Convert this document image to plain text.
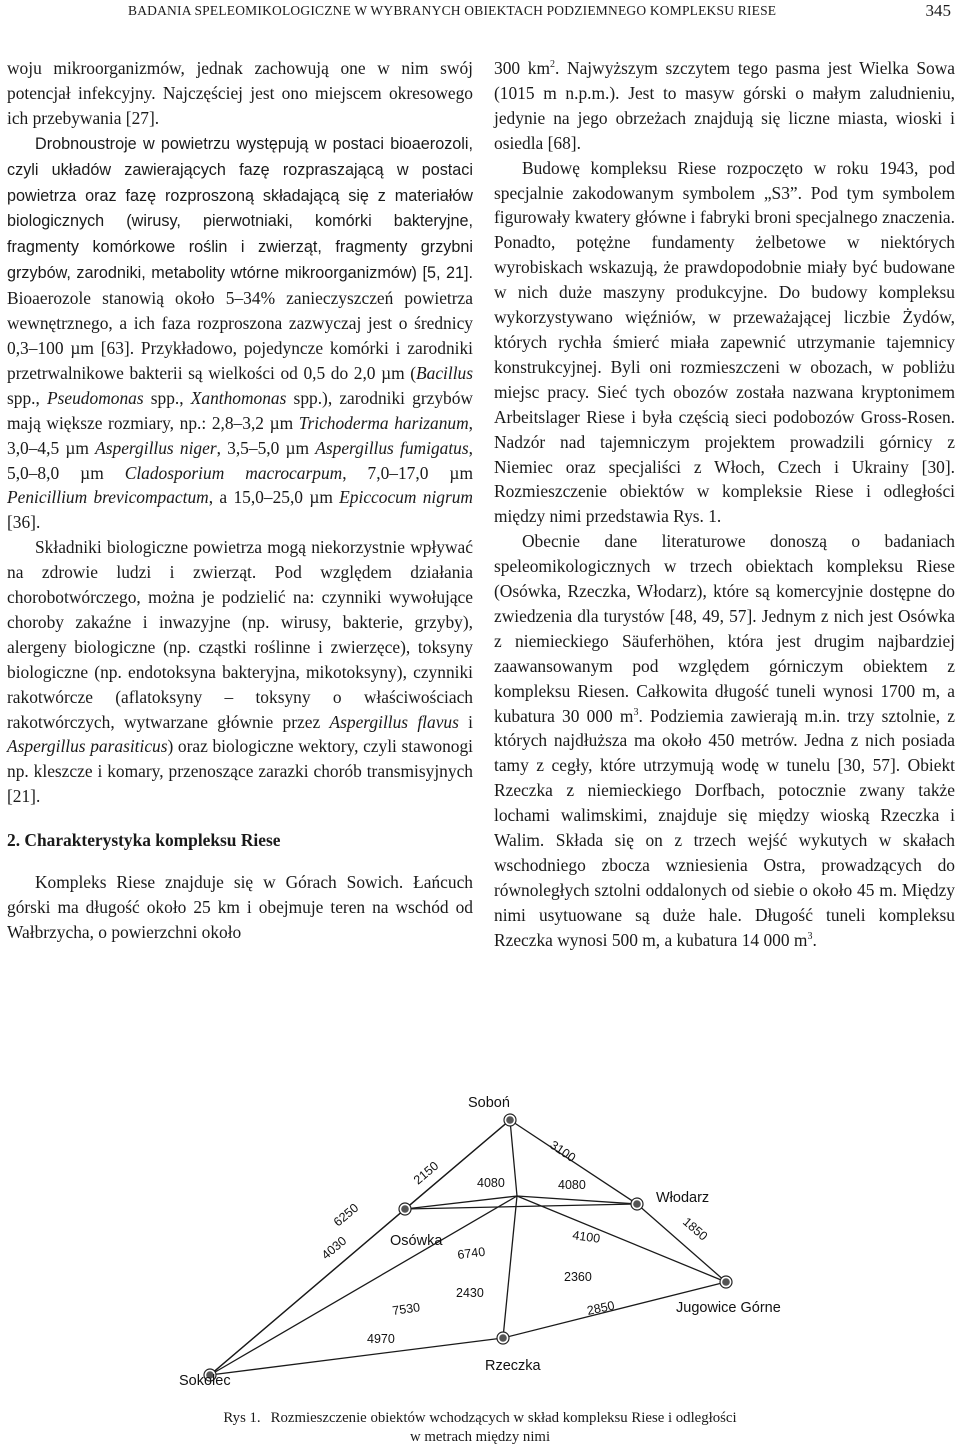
BADANIA SPELEOMIKOLOGICZNE W WYBRANYCH OBIEKTACH PODZIEMNEGO KOMPLEKSU RIESE	345

woju mikroorganizmów, jednak zachowują one w nim swój potencjał infekcyjny. Najczęściej jest ono miejscem okresowego ich przebywania [27].

Drobnoustroje w powietrzu występują w postaci bioaerozoli, czyli układów zawierających fazę rozpraszającą w postaci powietrza oraz fazę rozproszoną składającą się z materiałów biologicznych (wirusy, pierwotniaki, komórki bakteryjne, fragmenty komórkowe roślin i zwierząt, fragmenty grzybni grzybów, zarodniki, metabolity wtórne mikroorganizmów) [5, 21]. Bioaerozole stanowią około 5–34% zanieczyszczeń powietrza wewnętrznego, a ich faza rozproszona zazwyczaj jest o średnicy 0,3–100 µm [63]. Przykładowo, pojedyncze komórki i zarodniki przetrwalnikowe bakterii są wielkości od 0,5 do 2,0 µm (Bacillus spp., Pseudomonas spp., Xanthomonas spp.), zarodniki grzybów mają większe rozmiary, np.: 2,8–3,2 µm Trichoderma harizanum, 3,0–4,5 µm Aspergillus niger, 3,5–5,0 µm Aspergillus fumigatus, 5,0–8,0 µm Cladosporium macrocarpum, 7,0–17,0 µm Penicillium brevicompactum, a 15,0–25,0 µm Epiccocum nigrum [36].

Składniki biologiczne powietrza mogą niekorzystnie wpływać na zdrowie ludzi i zwierząt. Pod względem działania chorobotwórczego, można je podzielić na: czynniki wywołujące choroby zakaźne i inwazyjne (np. wirusy, bakterie, grzyby), alergeny biologiczne (np. cząstki roślinne i zwierzęce), toksyny biologiczne (np. endotoksyna bakteryjna, mikotoksyny), czynniki rakotwórcze (aflatoksyny – toksyny o właściwościach rakotwórczych, wytwarzane głównie przez Aspergillus flavus i Aspergillus parasiticus) oraz biologiczne wektory, czyli stawonogi np. kleszcze i komary, przenoszące zarazki chorób transmisyjnych [21].

2. Charakterystyka kompleksu Riese

Kompleks Riese znajduje się w Górach Sowich. Łańcuch górski ma długość około 25 km i obejmuje teren na wschód od Wałbrzycha, o powierzchni około

300 $km^2$. Najwyższym szczytem tego pasma jest Wielka Sowa (1015 m n.p.m.). Jest to masyw górski o małym zaludnieniu, jedynie na jego obrzeżach znajdują się liczne miasta, wioski i osiedla [68].

Budowę kompleksu Riese rozpoczęto w roku 1943, pod specjalnie zakodowanym symbolem „S3”. Pod tym symbolem figurowały kwatery główne i fabryki broni specjalnego znaczenia. Ponadto, potężne fundamenty żelbetowe w niektórych wyrobiskach wskazują, że prawdopodobnie miały być budowane w nich duże maszyny produkcyjne. Do budowy kompleksu wykorzystywano więźniów, w przeważającej liczbie Żydów, których rychła śmierć miała zapewnić utrzymanie tajemnicy konstrukcyjnej. Byli oni rozmieszczeni w obozach, w pobliżu miejsc pracy. Sieć tych obozów została nazwana kryptonimem Arbeitslager Riese i była częścią sieci podobozów Gross-Rosen. Nadzór nad tajemniczym projektem prowadzili górnicy z Niemiec oraz specjaliści z Włoch, Czech i Ukrainy [30]. Rozmieszczenie obiektów w kompleksie Riese i odległości między nimi przedstawia Rys. 1.

Obecnie dane literaturowe donoszą o badaniach speleomikologicznych w trzech obiektach kompleksu Riese (Osówka, Rzeczka, Włodarz), które są komercyjnie dostępne do zwiedzenia dla turystów [48, 49, 57]. Jednym z nich jest Osówka z niemieckiego Säuferhöhen, która jest drugim najbardziej zaawansowanym pod względem górniczym obiektem z kompleksu Riesen. Całkowita długość tuneli wynosi 1700 m, a kubatura 30 000 $m^3$. Podziemia zawierają m.in. trzy sztolnie, z których najdłuższa ma około 450 metrów. Jedna z nich posiada tamy z cegły, które utrzymują wodę w tunelu [30, 57]. Obiekt Rzeczka z niemieckiego Dorfbach, potocznie zwany także lochami walimskimi, znajduje się między wioską Rzeczka i Walim. Składa się on z trzech wejść wykutych w skałach wschodniego zbocza wzniesienia Ostra, prowadzących do równoległych sztolni oddalonych od siebie o około 45 m. Między nimi usytuowane są duże hale. Długość tuneli kompleksu Rzeczka wynosi 500 m, a kubatura 14 000 $m^3$.

Soboń
Włodarz
Osówka
Jugowice Górne
Rzeczka
Sokolec
6250
4030
2150
3100
4080	4080
1850
4100
6740
2360
2430
7530
4970
2850
Rys 1. Rozmieszczenie obiektów wchodzących w skład kompleksu Riese i odległości
w metrach między nimi
